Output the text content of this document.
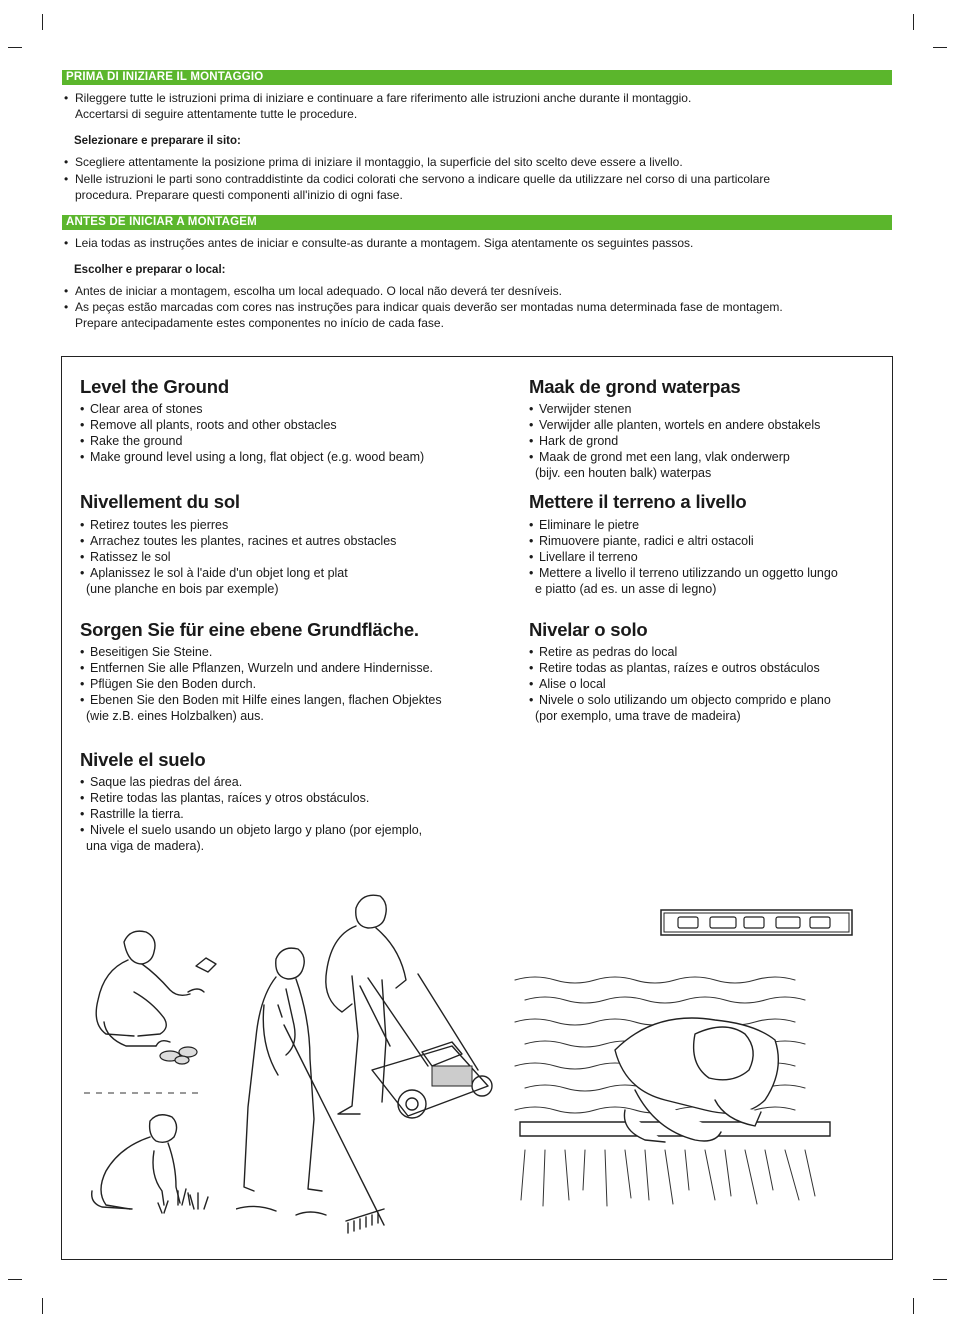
PRIMA DI INIZIARE IL MONTAGGIO
• Rileggere tutte le istruzioni prima di iniziare e continuare a fare riferimento alle istruzioni anche durante il montaggio.
Accertarsi di seguire attentamente tutte le procedure.
Selezionare e preparare il sito:
• Scegliere attentamente la posizione prima di iniziare il montaggio, la superficie del sito scelto deve essere a livello.
• Nelle istruzioni le parti sono contraddistinte da codici colorati che servono a indicare quelle da utilizzare nel corso di una particolare
procedura. Preparare questi componenti all'inizio di ogni fase.
ANTES DE INICIAR A MONTAGEM
• Leia todas as instruções antes de iniciar e consulte-as durante a montagem. Siga atentamente os seguintes passos.
Escolher e preparar o local:
• Antes de iniciar a montagem, escolha um local adequado. O local não deverá ter desníveis.
• As peças estão marcadas com cores nas instruções para indicar quais deverão ser montadas numa determinada fase de montagem.
Prepare antecipadamente estes componentes no início de cada fase.
Level the Ground
• Clear area of stones
• Remove all plants, roots and other obstacles
• Rake the ground
• Make ground level using a long, flat object (e.g. wood beam)
Nivellement du sol
• Retirez toutes les pierres
• Arrachez toutes les plantes, racines et autres obstacles
• Ratissez le sol
• Aplanissez le sol à l'aide d'un objet long et plat
(une planche en bois par exemple)
Sorgen Sie für eine ebene Grundfläche.
• Beseitigen Sie Steine.
• Entfernen Sie alle Pflanzen, Wurzeln und andere Hindernisse.
• Pflügen Sie den Boden durch.
• Ebenen Sie den Boden mit Hilfe eines langen, flachen Objektes
(wie z.B. eines Holzbalken) aus.
Nivele el suelo
• Saque las piedras del área.
• Retire todas las plantas, raíces y otros obstáculos.
• Rastrille la tierra.
• Nivele el suelo usando un objeto largo y plano (por ejemplo,
una viga de madera).
Maak de grond waterpas
• Verwijder stenen
• Verwijder alle planten, wortels en andere obstakels
• Hark de grond
• Maak de grond met een lang, vlak onderwerp
(bijv. een houten balk) waterpas
Mettere il terreno a livello
• Eliminare le pietre
• Rimuovere piante, radici e altri ostacoli
• Livellare il terreno
• Mettere a livello il terreno utilizzando un oggetto lungo
e piatto (ad es. un asse di legno)
Nivelar o solo
• Retire as pedras do local
• Retire todas as plantas, raízes e outros obstáculos
• Alise o local
• Nivele o solo utilizando um objecto comprido e plano
(por exemplo, uma trave de madeira)
